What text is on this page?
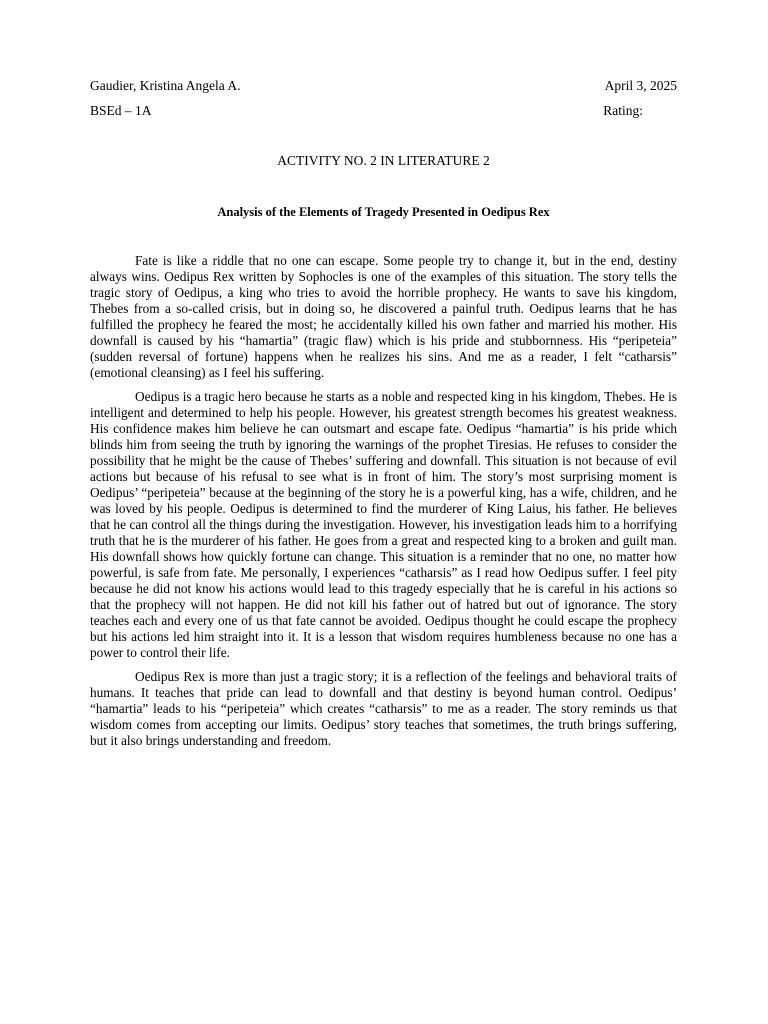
Gaudier, Kristina Angela A.	April 3, 2025
BSEd – 1A	Rating:
ACTIVITY NO. 2 IN LITERATURE 2
Analysis of the Elements of Tragedy Presented in Oedipus Rex

Fate is like a riddle that no one can escape. Some people try to change it, but in the end, destiny always wins. Oedipus Rex written by Sophocles is one of the examples of this situation. The story tells the tragic story of Oedipus, a king who tries to avoid the horrible prophecy. He wants to save his kingdom, Thebes from a so-called crisis, but in doing so, he discovered a painful truth. Oedipus learns that he has fulfilled the prophecy he feared the most; he accidentally killed his own father and married his mother. His downfall is caused by his “hamartia” (tragic flaw) which is his pride and stubbornness. His “peripeteia” (sudden reversal of fortune) happens when he realizes his sins. And me as a reader, I felt “catharsis” (emotional cleansing) as I feel his suffering.

Oedipus is a tragic hero because he starts as a noble and respected king in his kingdom, Thebes. He is intelligent and determined to help his people. However, his greatest strength becomes his greatest weakness. His confidence makes him believe he can outsmart and escape fate. Oedipus “hamartia” is his pride which blinds him from seeing the truth by ignoring the warnings of the prophet Tiresias. He refuses to consider the possibility that he might be the cause of Thebes’ suffering and downfall. This situation is not because of evil actions but because of his refusal to see what is in front of him. The story’s most surprising moment is Oedipus’ “peripeteia” because at the beginning of the story he is a powerful king, has a wife, children, and he was loved by his people. Oedipus is determined to find the murderer of King Laius, his father. He believes that he can control all the things during the investigation. However, his investigation leads him to a horrifying truth that he is the murderer of his father. He goes from a great and respected king to a broken and guilt man. His downfall shows how quickly fortune can change. This situation is a reminder that no one, no matter how powerful, is safe from fate. Me personally, I experiences “catharsis” as I read how Oedipus suffer. I feel pity because he did not know his actions would lead to this tragedy especially that he is careful in his actions so that the prophecy will not happen. He did not kill his father out of hatred but out of ignorance. The story teaches each and every one of us that fate cannot be avoided. Oedipus thought he could escape the prophecy but his actions led him straight into it. It is a lesson that wisdom requires humbleness because no one has a power to control their life.

Oedipus Rex is more than just a tragic story; it is a reflection of the feelings and behavioral traits of humans. It teaches that pride can lead to downfall and that destiny is beyond human control. Oedipus’ “hamartia” leads to his “peripeteia” which creates “catharsis” to me as a reader. The story reminds us that wisdom comes from accepting our limits. Oedipus’ story teaches that sometimes, the truth brings suffering, but it also brings understanding and freedom.
